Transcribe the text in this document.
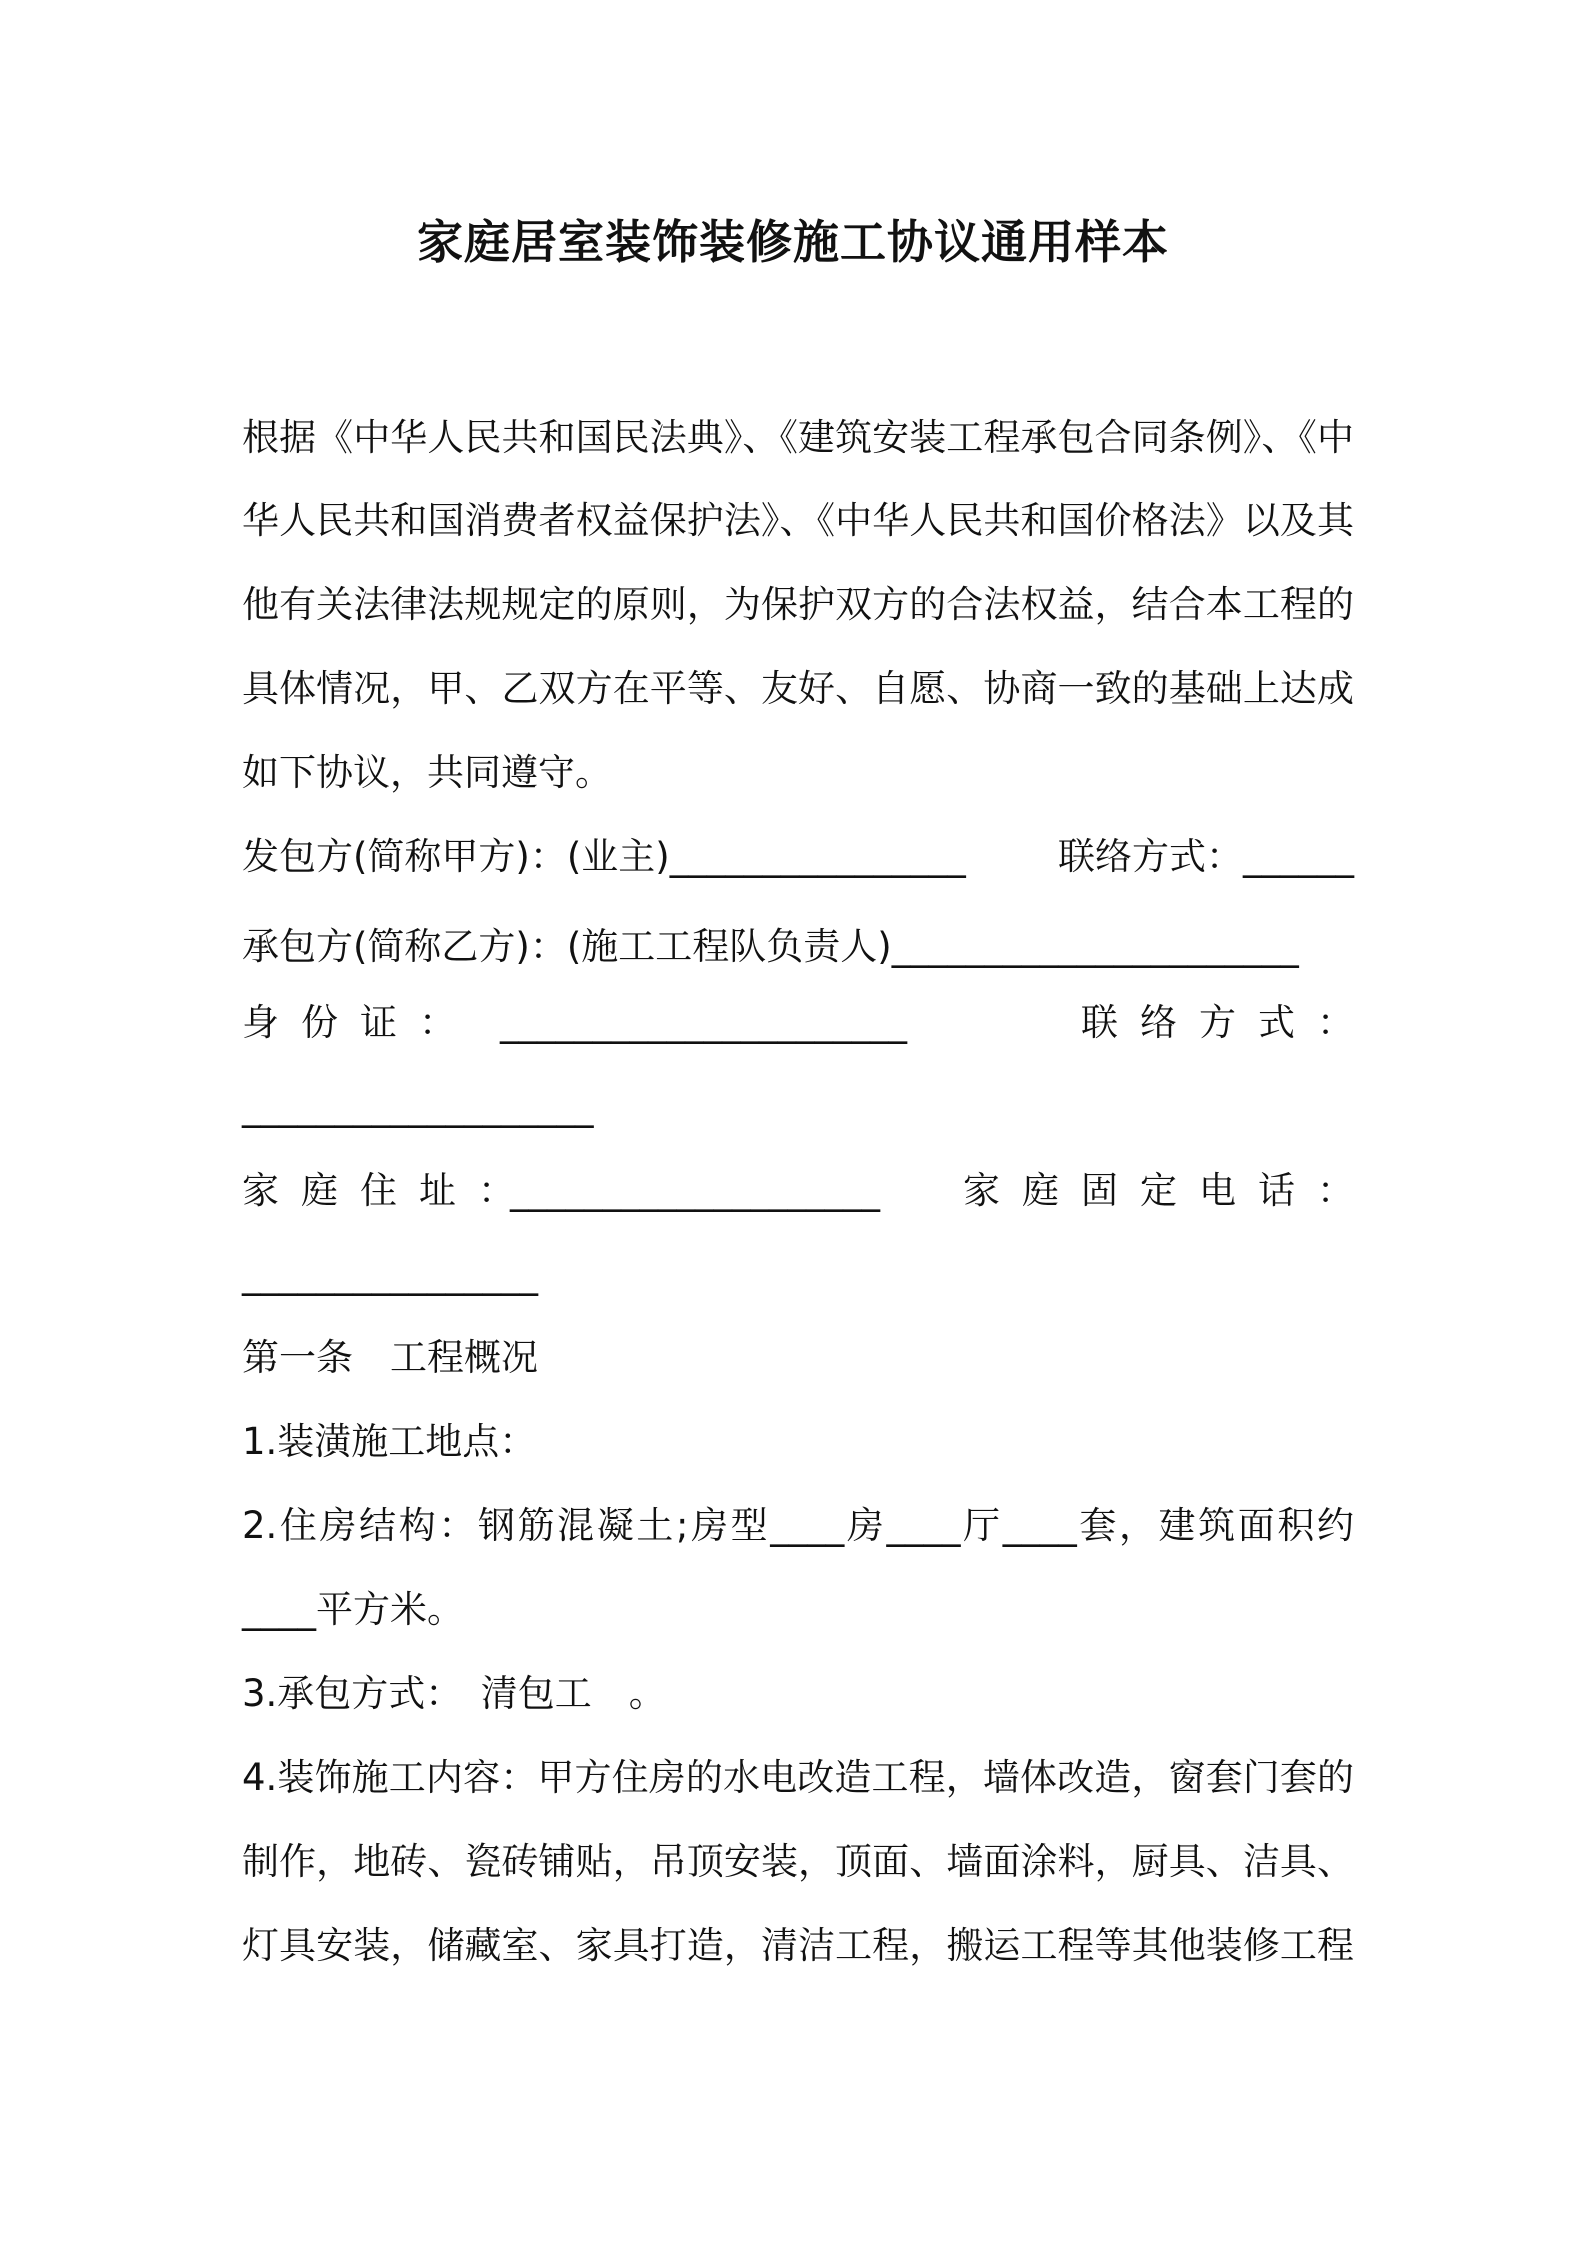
家庭居室装饰装修施工协议通用样本
根据《中华人民共和国民法典》、《建筑安装工程承包合同条例》、《中
华人民共和国消费者权益保护法》、《中华人民共和国价格法》以及其
他有关法律法规规定的原则，为保护双方的合法权益，结合本工程的
具体情况，甲、乙双方在平等、友好、自愿、协商一致的基础上达成
如下协议，共同遵守。
发包方(简称甲方)：(业主)________________ 联络方式：______
承包方(简称乙方)：(施工工程队负责人)______________________
身份证： ______________________	联络方式：
___________________
家庭住址：
____________________ 家庭固定电话：
________________
第一条　工程概况
1.装潢施工地点：
2.住房结构：钢筋混凝土;房型____房____厅____套，建筑面积约
____平方米。
3.承包方式：　清包工　。
4.装饰施工内容：甲方住房的水电改造工程，墙体改造，窗套门套的
制作，地砖、瓷砖铺贴，吊顶安装，顶面、墙面涂料，厨具、洁具、
灯具安装，储藏室、家具打造，清洁工程，搬运工程等其他装修工程
